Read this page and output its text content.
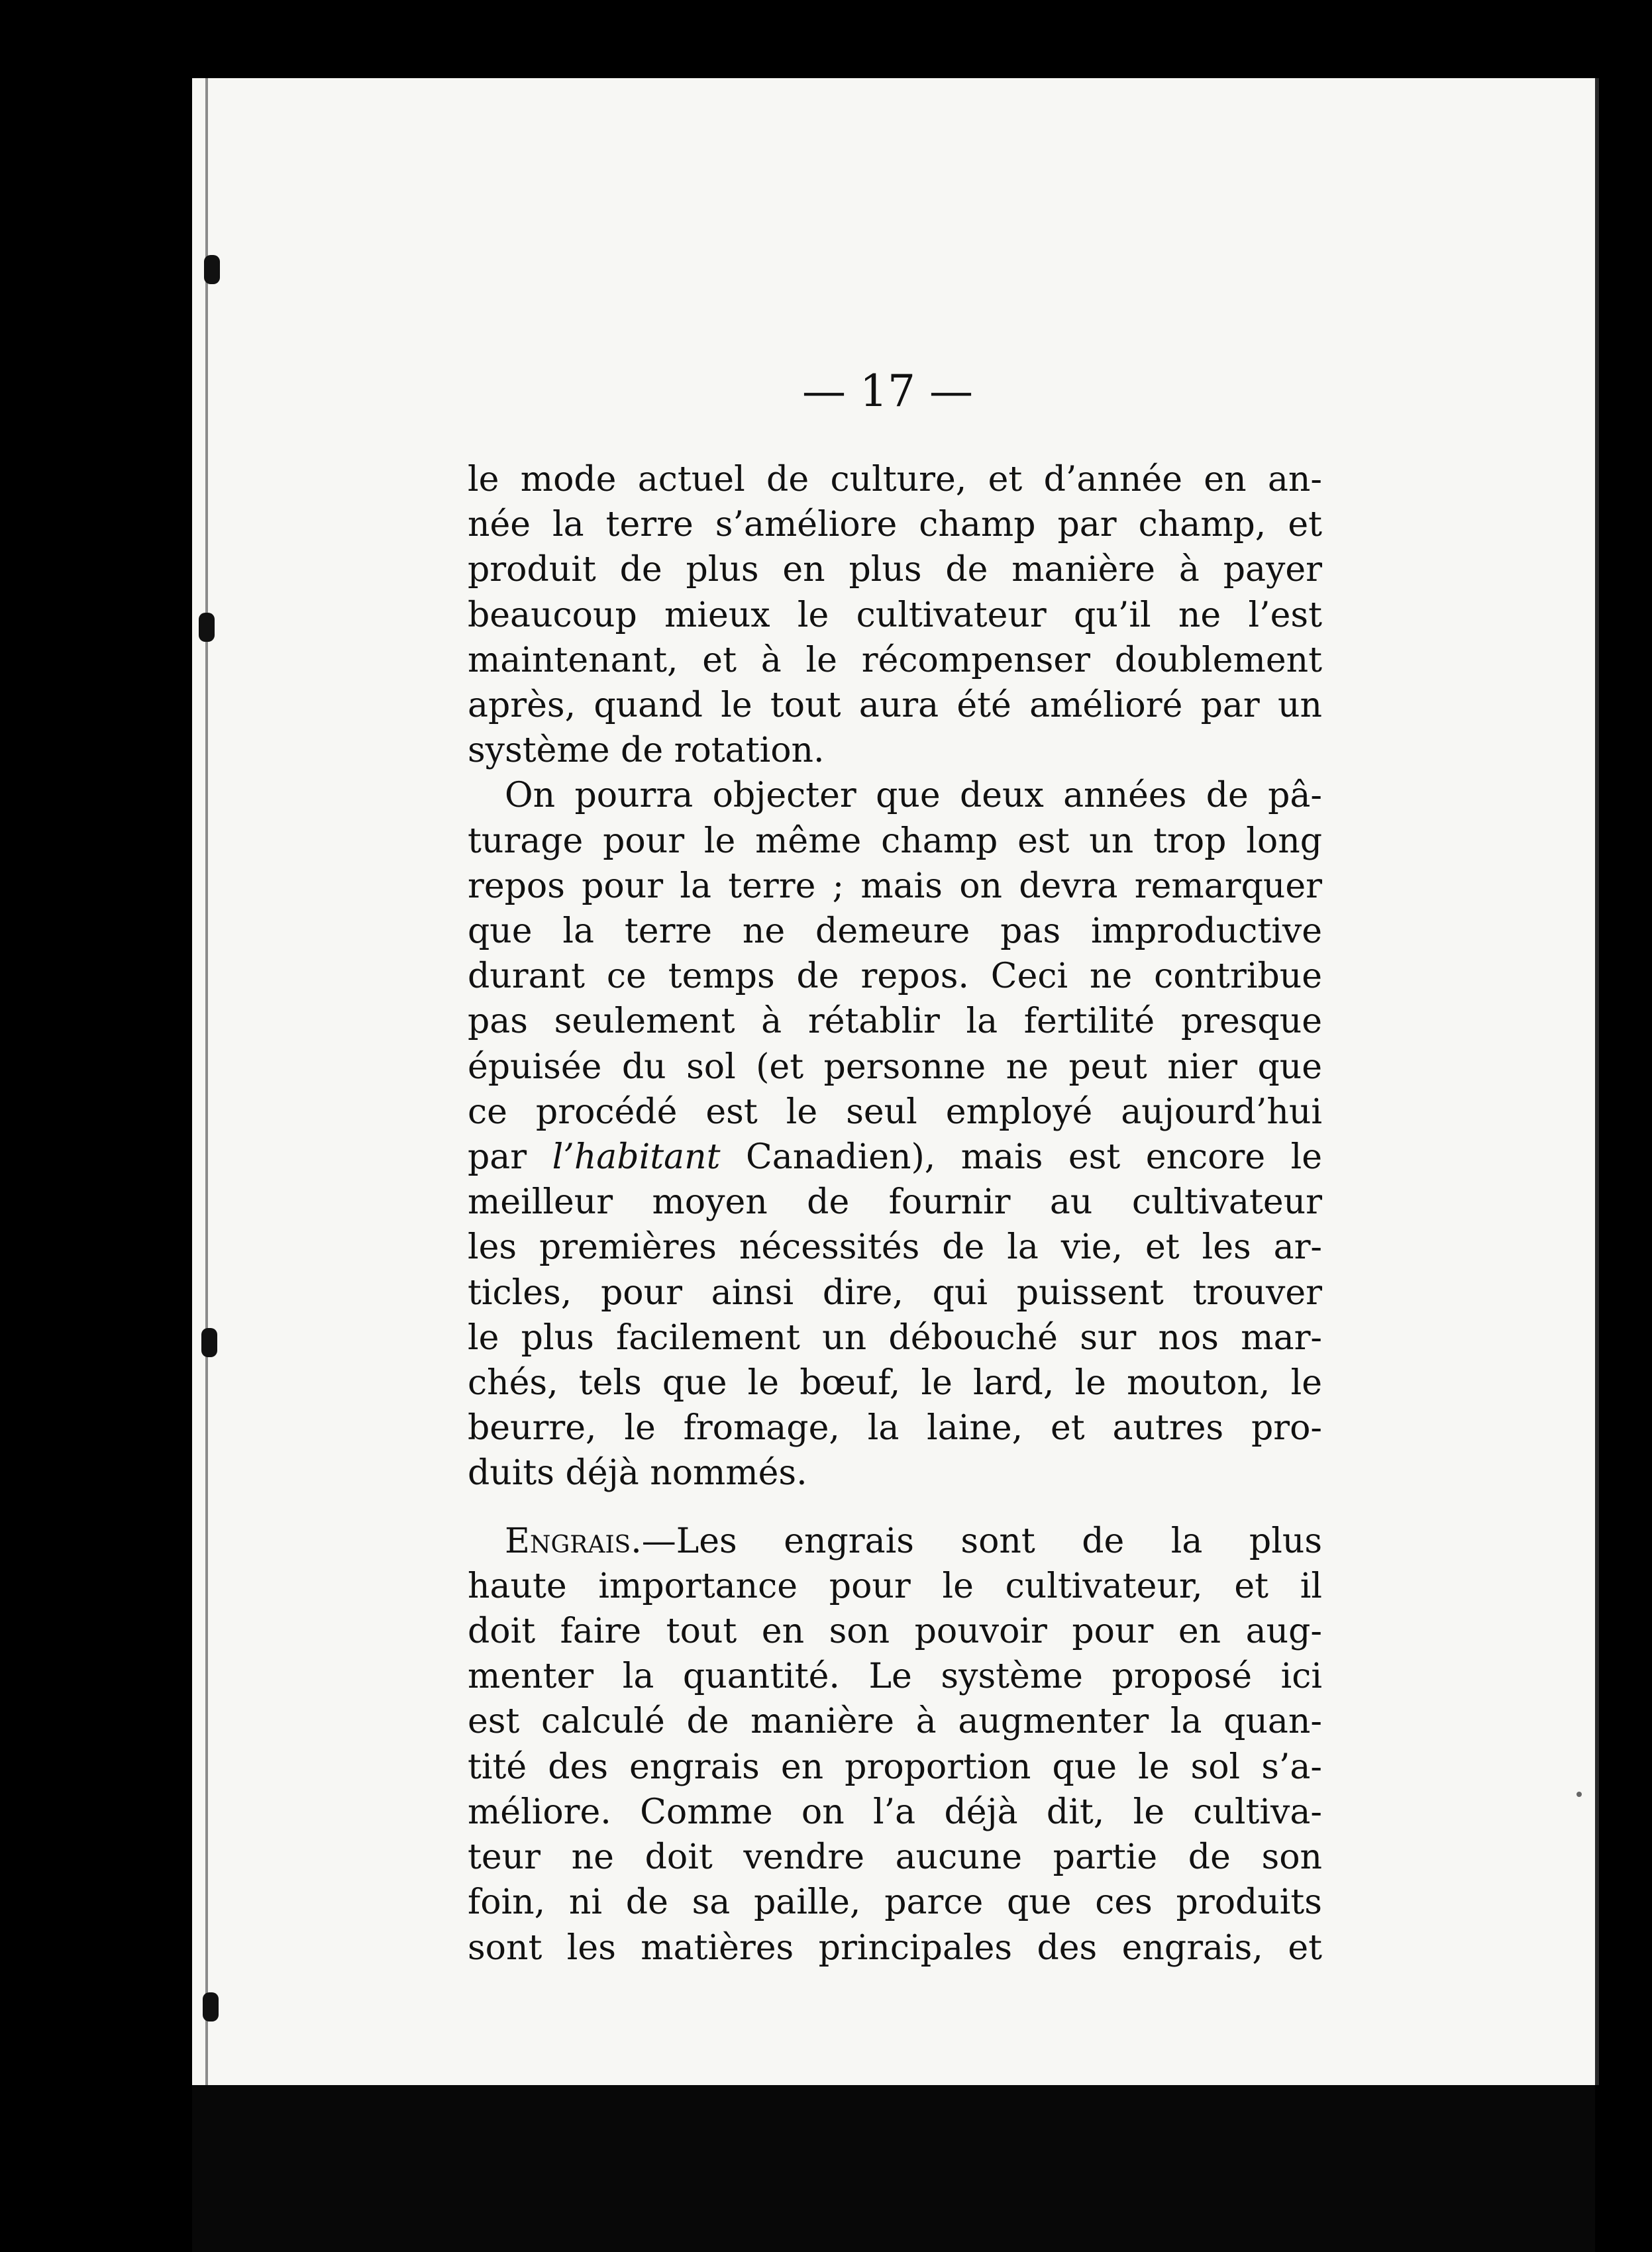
— 17 —
le mode actuel de culture, et d’année en an-
née la terre s’améliore champ par champ, et
produit de plus en plus de manière à payer
beaucoup mieux le cultivateur qu’il ne l’est
maintenant, et à le récompenser doublement
après, quand le tout aura été amélioré par un
système de rotation.
On pourra objecter que deux années de pâ-
turage pour le même champ est un trop long
repos pour la terre ; mais on devra remarquer
que la terre ne demeure pas improductive
durant ce temps de repos. Ceci ne contribue
pas seulement à rétablir la fertilité presque
épuisée du sol (et personne ne peut nier que
ce procédé est le seul employé aujourd’hui
par l’habitant Canadien), mais est encore le
meilleur moyen de fournir au cultivateur
les premières nécessités de la vie, et les ar-
ticles, pour ainsi dire, qui puissent trouver
le plus facilement un débouché sur nos mar-
chés, tels que le bœuf, le lard, le mouton, le
beurre, le fromage, la laine, et autres pro-
duits déjà nommés.
Engrais.—Les engrais sont de la plus
haute importance pour le cultivateur, et il
doit faire tout en son pouvoir pour en aug-
menter la quantité. Le système proposé ici
est calculé de manière à augmenter la quan-
tité des engrais en proportion que le sol s’a-
méliore. Comme on l’a déjà dit, le cultiva-
teur ne doit vendre aucune partie de son
foin, ni de sa paille, parce que ces produits
sont les matières principales des engrais, et
